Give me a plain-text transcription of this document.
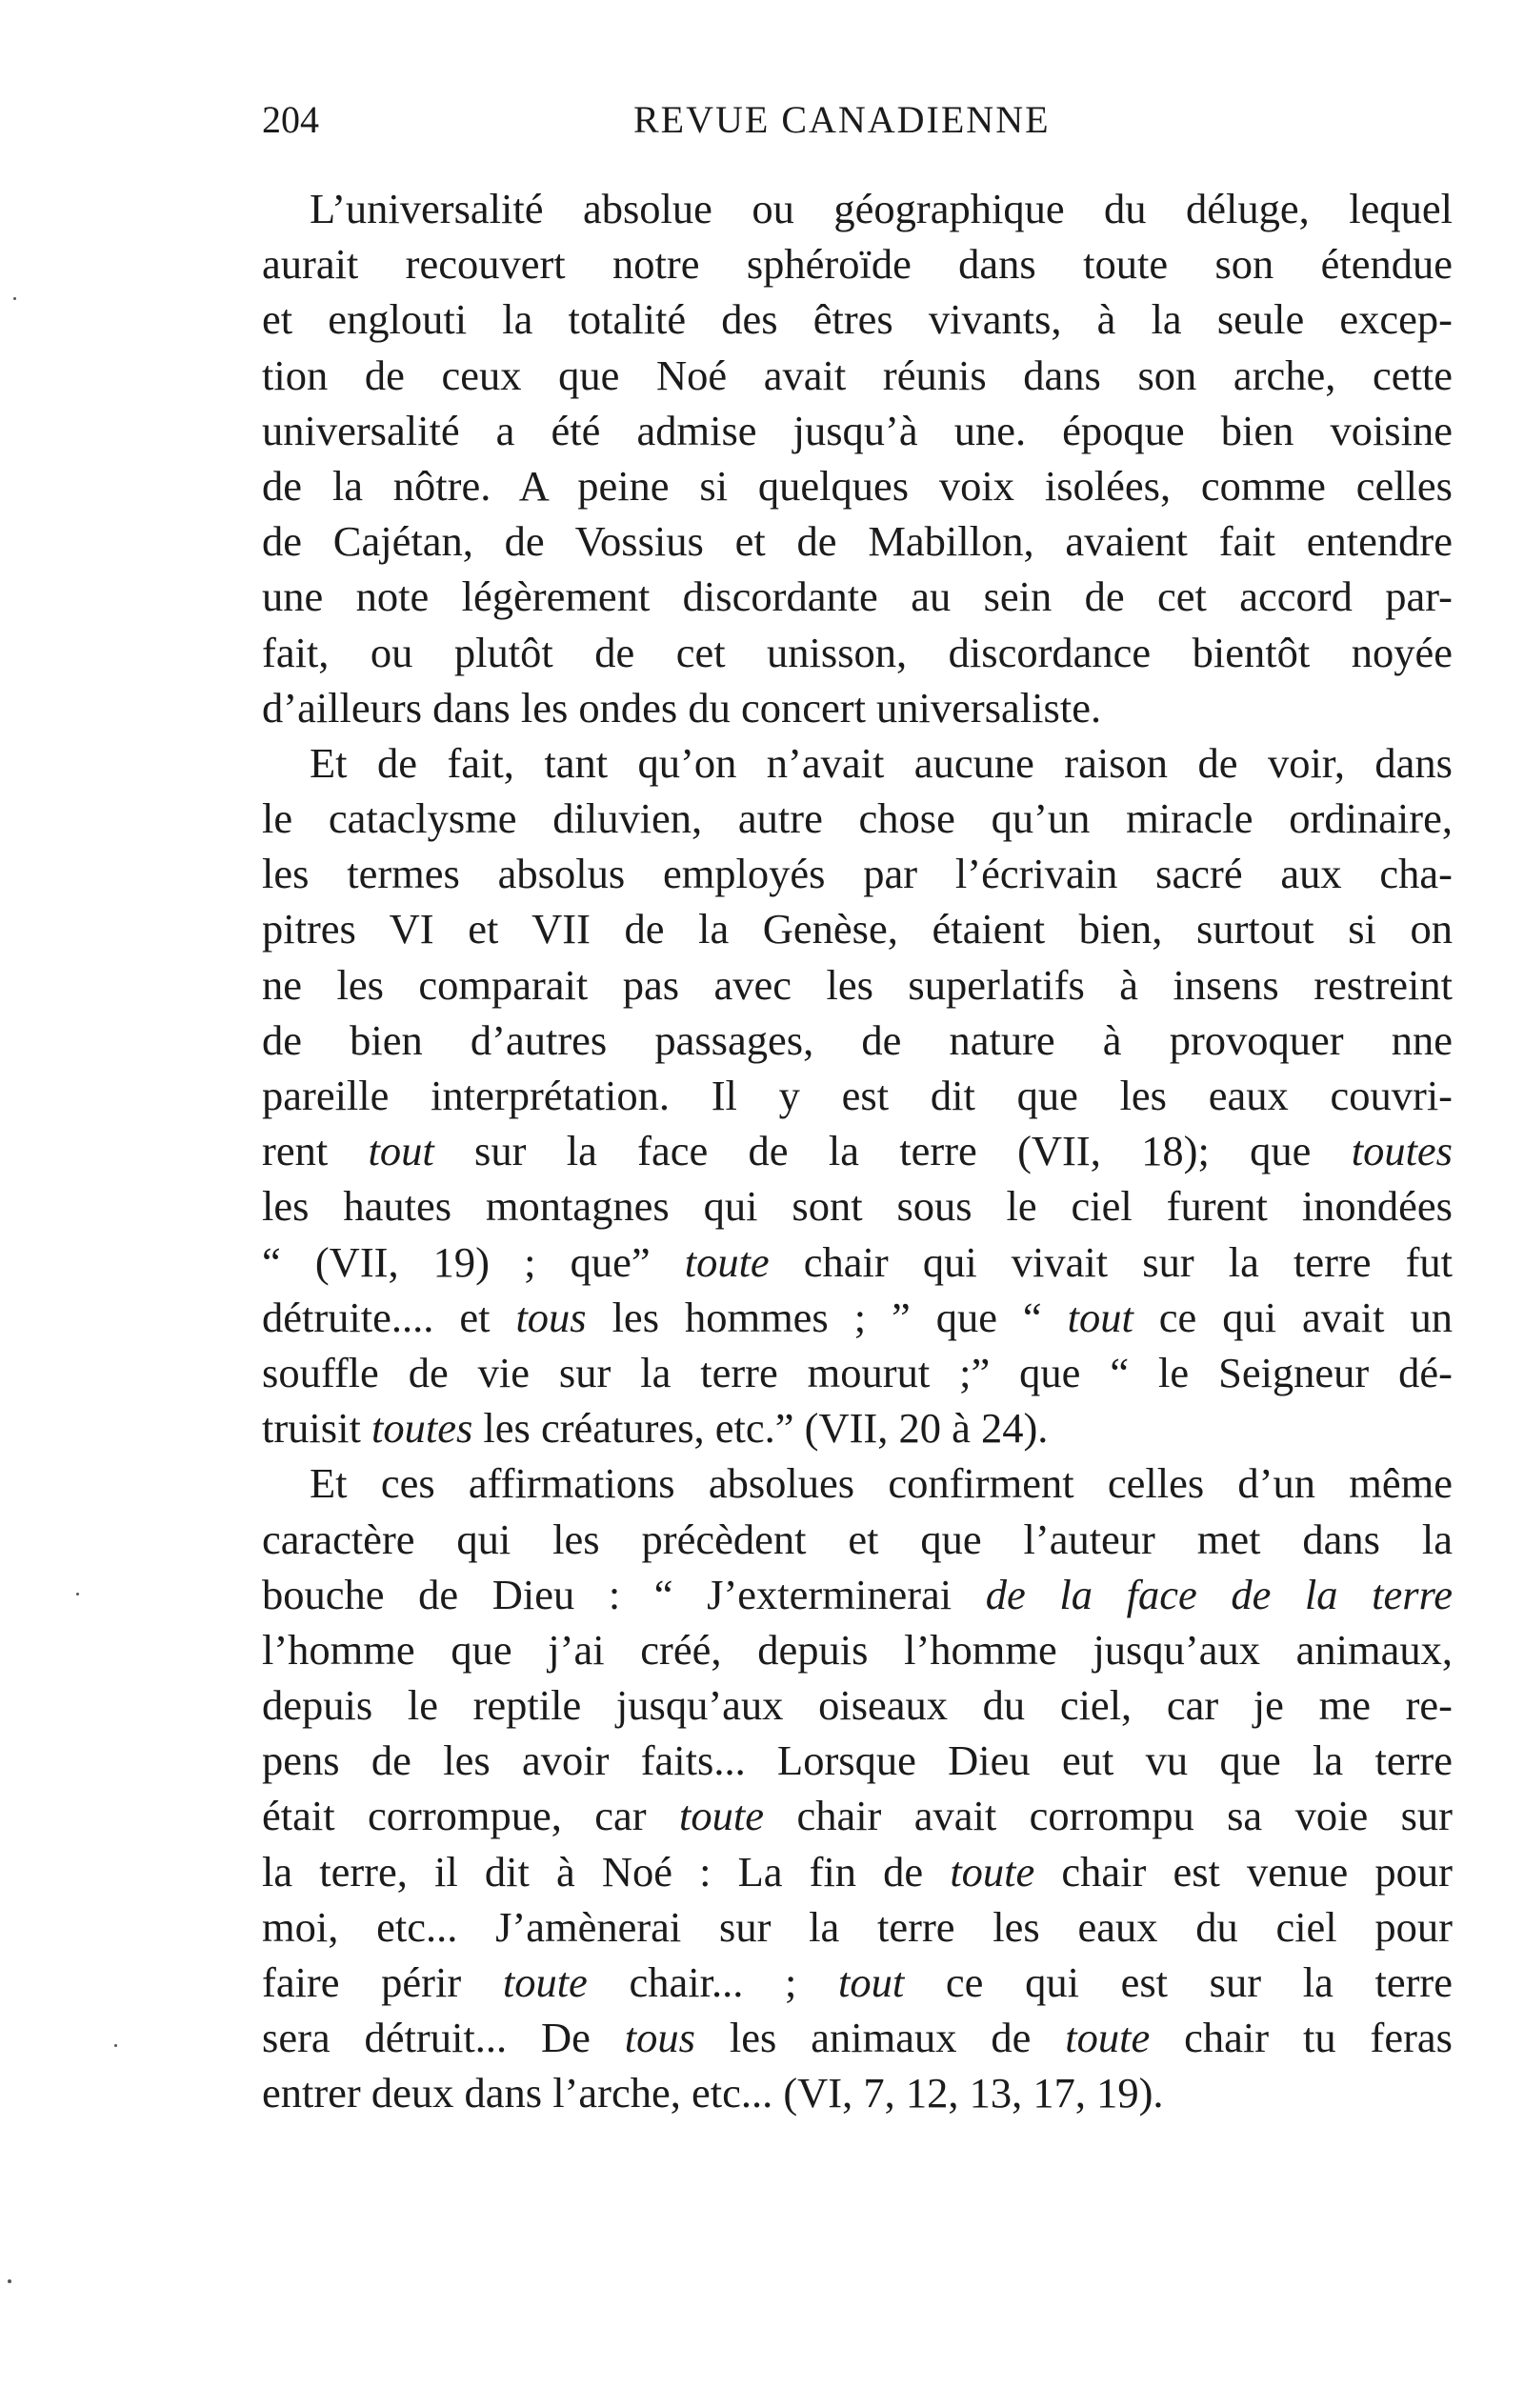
204	REVUE CANADIENNE
L’universalité absolue ou géographique du déluge, lequel
aurait recouvert notre sphéroïde dans toute son étendue
et englouti la totalité des êtres vivants, à la seule excep-
tion de ceux que Noé avait réunis dans son arche, cette
universalité a été admise jusqu’à une. époque bien voisine
de la nôtre. A peine si quelques voix isolées, comme celles
de Cajétan, de Vossius et de Mabillon, avaient fait entendre
une note légèrement discordante au sein de cet accord par-
fait, ou plutôt de cet unisson, discordance bientôt noyée
d’ailleurs dans les ondes du concert universaliste.
Et de fait, tant qu’on n’avait aucune raison de voir, dans
le cataclysme diluvien, autre chose qu’un miracle ordinaire,
les termes absolus employés par l’écrivain sacré aux cha-
pitres VI et VII de la Genèse, étaient bien, surtout si on
ne les comparait pas avec les superlatifs à insens restreint
de bien d’autres passages, de nature à provoquer nne
pareille interprétation. Il y est dit que les eaux couvri-
rent tout sur la face de la terre (VII, 18); que toutes
les hautes montagnes qui sont sous le ciel furent inondées
“ (VII, 19) ; que” toute chair qui vivait sur la terre fut
détruite.... et tous les hommes ; ” que “ tout ce qui avait un
souffle de vie sur la terre mourut ;” que “ le Seigneur dé-
truisit toutes les créatures, etc.” (VII, 20 à 24).
Et ces affirmations absolues confirment celles d’un même
caractère qui les précèdent et que l’auteur met dans la
bouche de Dieu : “ J’exterminerai de la face de la terre
l’homme que j’ai créé, depuis l’homme jusqu’aux animaux,
depuis le reptile jusqu’aux oiseaux du ciel, car je me re-
pens de les avoir faits... Lorsque Dieu eut vu que la terre
était corrompue, car toute chair avait corrompu sa voie sur
la terre, il dit à Noé : La fin de toute chair est venue pour
moi, etc... J’amènerai sur la terre les eaux du ciel pour
faire périr toute chair... ; tout ce qui est sur la terre
sera détruit... De tous les animaux de toute chair tu feras
entrer deux dans l’arche, etc... (VI, 7, 12, 13, 17, 19).
